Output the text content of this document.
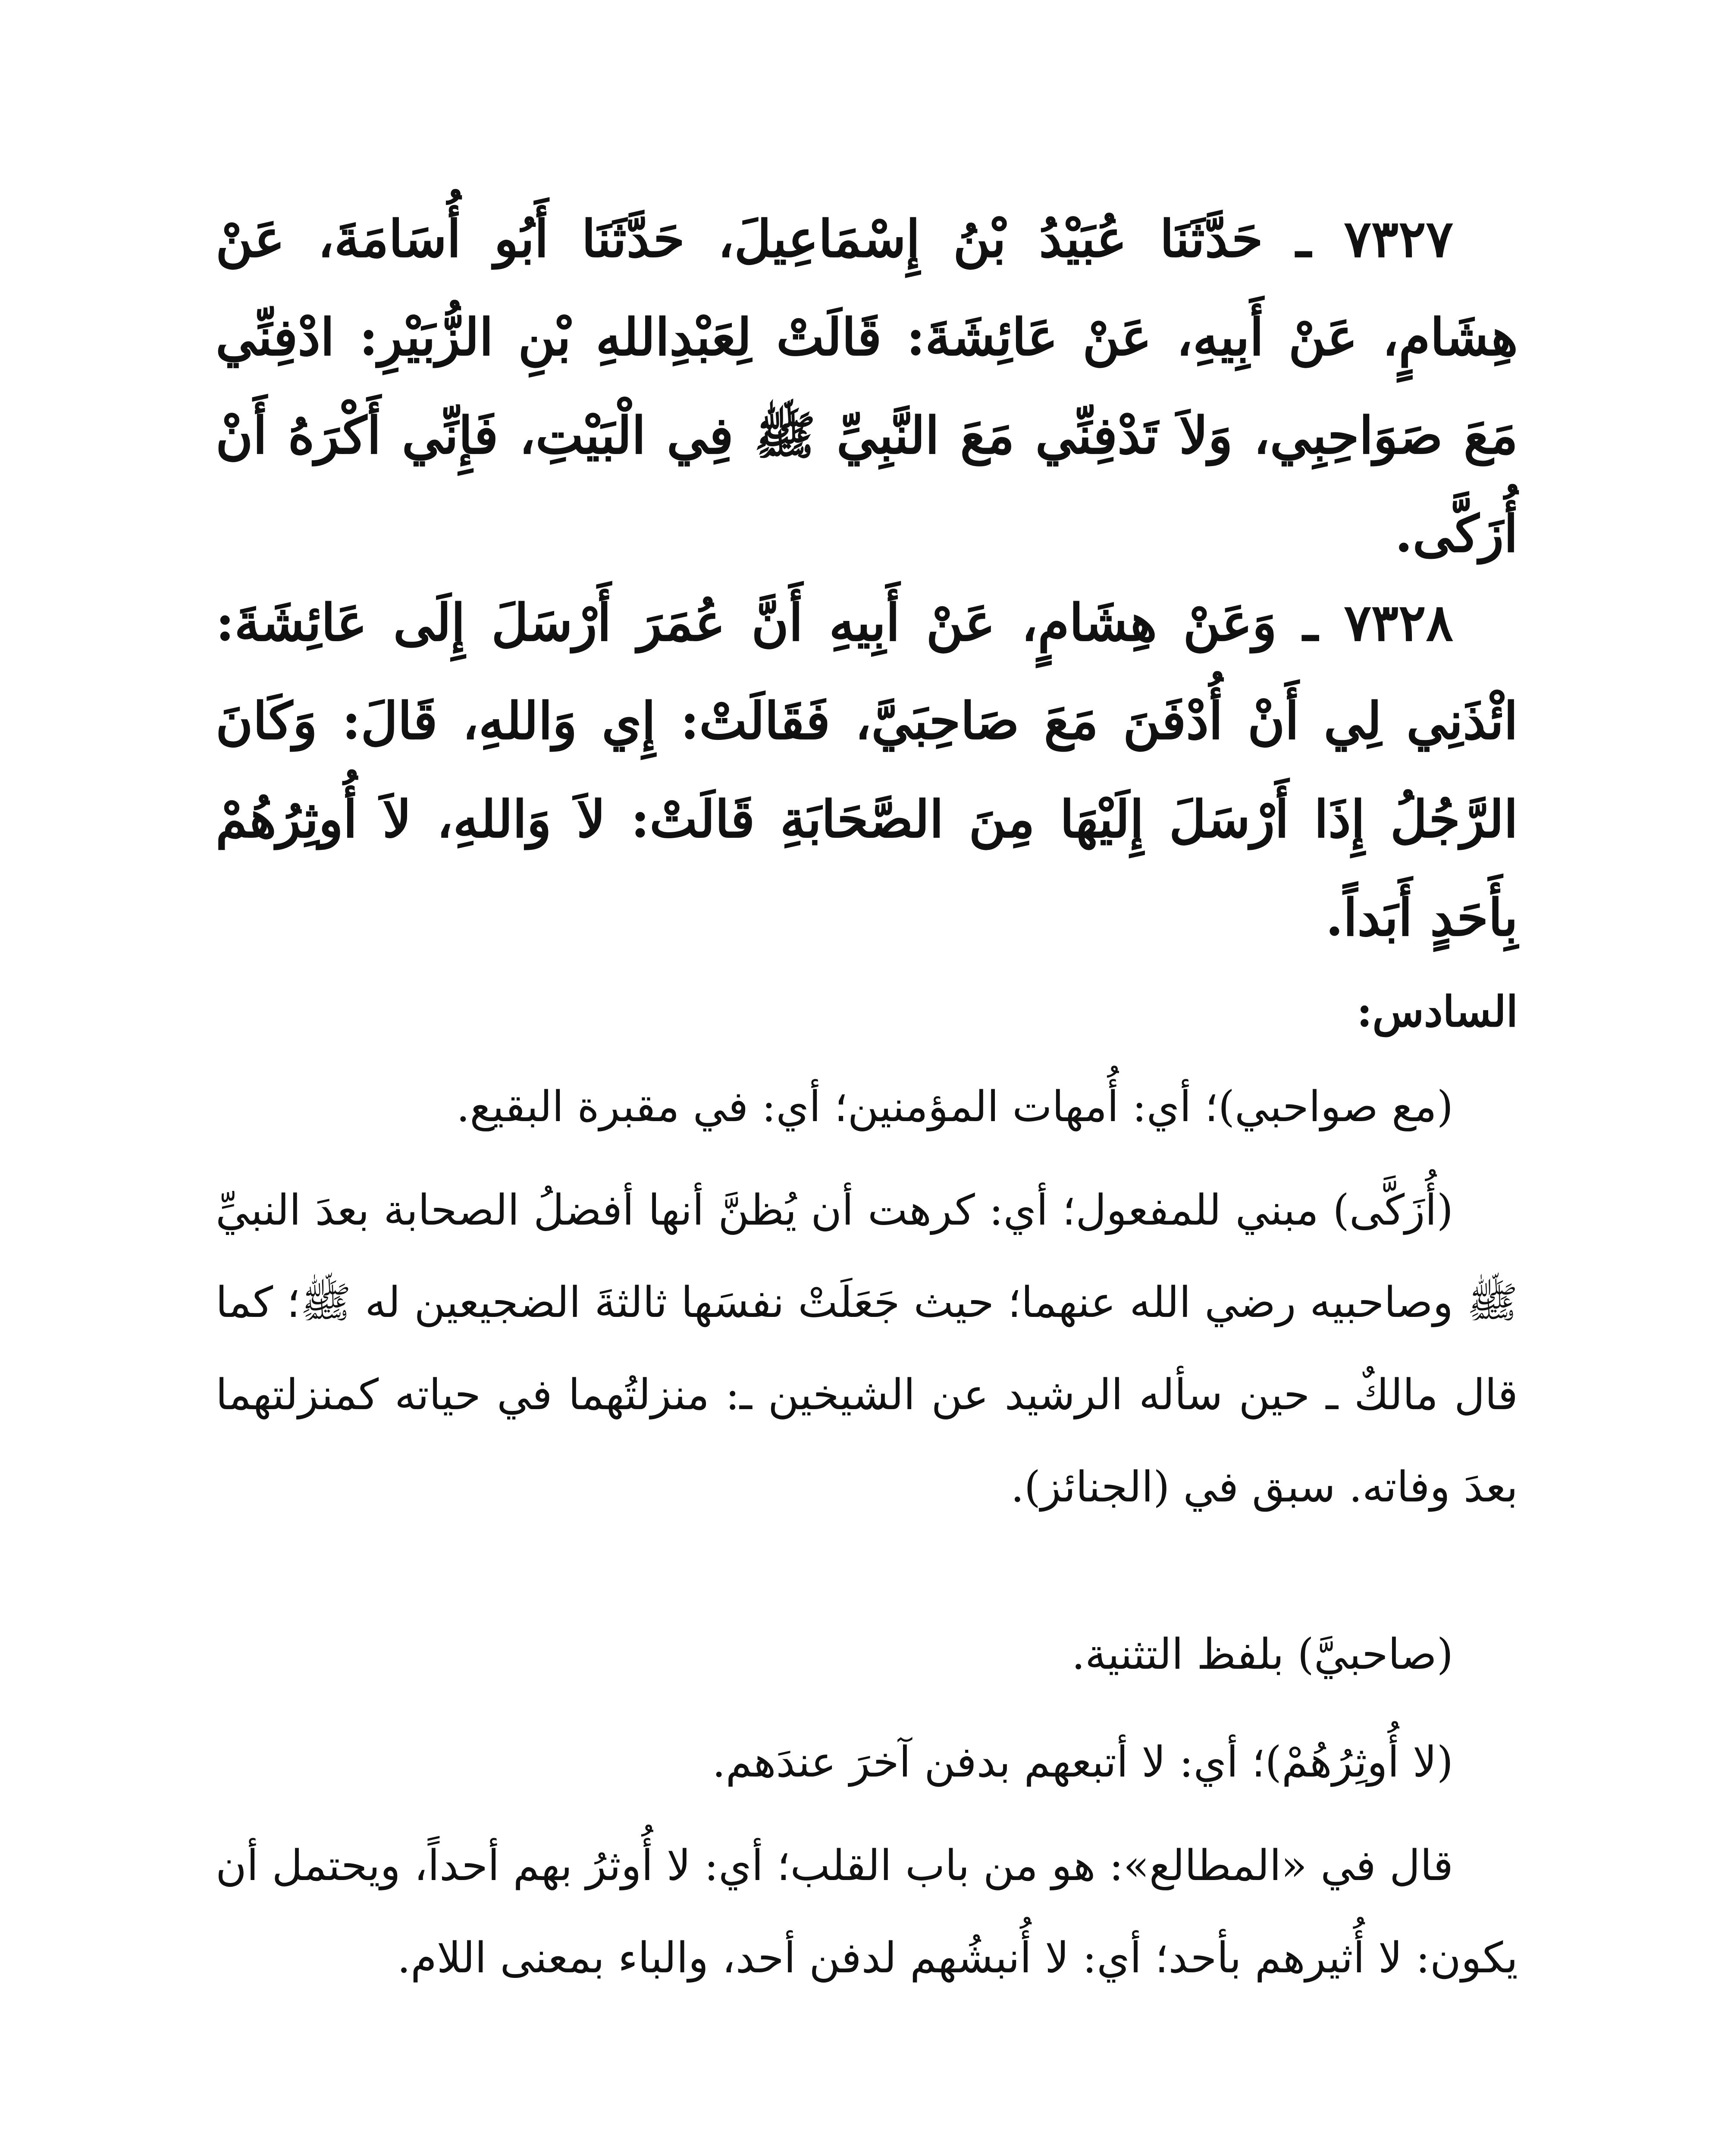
٧٣٢٧ ـ حَدَّثَنَا عُبَيْدُ بْنُ إِسْمَاعِيلَ، حَدَّثَنَا أَبُو أُسَامَةَ، عَنْ هِشَامٍ، عَنْ أَبِيهِ، عَنْ عَائِشَةَ: قَالَتْ لِعَبْدِاللهِ بْنِ الزُّبَيْرِ: ادْفِنِّي مَعَ صَوَاحِبِي، وَلاَ تَدْفِنِّي مَعَ النَّبِيِّ ﷺ فِي الْبَيْتِ، فَإِنِّي أَكْرَهُ أَنْ أُزَكَّى.

٧٣٢٨ ـ وَعَنْ هِشَامٍ، عَنْ أَبِيهِ أَنَّ عُمَرَ أَرْسَلَ إِلَى عَائِشَةَ: ائْذَنِي لِي أَنْ أُدْفَنَ مَعَ صَاحِبَيَّ، فَقَالَتْ: إِي وَاللهِ، قَالَ: وَكَانَ الرَّجُلُ إِذَا أَرْسَلَ إِلَيْهَا مِنَ الصَّحَابَةِ قَالَتْ: لاَ وَاللهِ، لاَ أُوثِرُهُمْ بِأَحَدٍ أَبَداً.

السادس:

(مع صواحبي)؛ أي: أُمهات المؤمنين؛ أي: في مقبرة البقيع.

(أُزَكَّى) مبني للمفعول؛ أي: كرهت أن يُظنَّ أنها أفضلُ الصحابة بعدَ النبيِّ ﷺ وصاحبيه رضي الله عنهما؛ حيث جَعَلَتْ نفسَها ثالثةَ الضجيعين له ﷺ؛ كما قال مالكٌ ـ حين سأله الرشيد عن الشيخين ـ: منزلتُهما في حياته كمنزلتهما بعدَ وفاته. سبق في (الجنائز).

(صاحبيَّ) بلفظ التثنية.

(لا أُوثِرُهُمْ)؛ أي: لا أتبعهم بدفن آخرَ عندَهم.

قال في «المطالع»: هو من باب القلب؛ أي: لا أُوثرُ بهم أحداً، ويحتمل أن يكون: لا أُثيرهم بأحد؛ أي: لا أُنبشُهم لدفن أحد، والباء بمعنى اللام.
